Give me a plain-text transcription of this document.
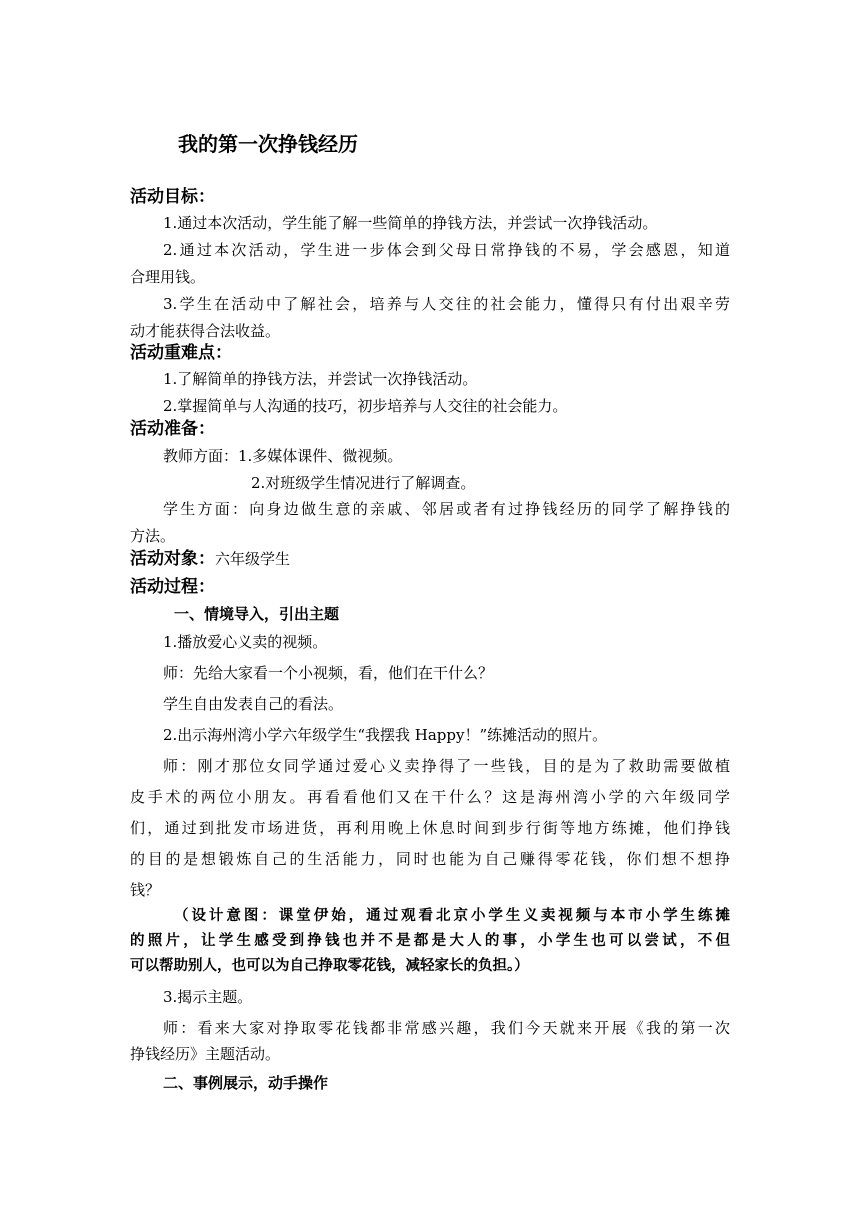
我的第一次挣钱经历
活动目标：
1.通过本次活动，学生能了解一些简单的挣钱方法，并尝试一次挣钱活动。
2.通过本次活动，学生进一步体会到父母日常挣钱的不易，学会感恩，知道
合理用钱。
3.学生在活动中了解社会，培养与人交往的社会能力，懂得只有付出艰辛劳
动才能获得合法收益。
活动重难点：
1.了解简单的挣钱方法，并尝试一次挣钱活动。
2.掌握简单与人沟通的技巧，初步培养与人交往的社会能力。
活动准备：
教师方面：1.多媒体课件、微视频。
2.对班级学生情况进行了解调查。
学生方面：向身边做生意的亲戚、邻居或者有过挣钱经历的同学了解挣钱的
方法。
活动对象：六年级学生
活动过程：
一、情境导入，引出主题
1.播放爱心义卖的视频。
师：先给大家看一个小视频，看，他们在干什么？
学生自由发表自己的看法。
2.出示海州湾小学六年级学生“我摆我 Happy！”练摊活动的照片。
师：刚才那位女同学通过爱心义卖挣得了一些钱，目的是为了救助需要做植
皮手术的两位小朋友。再看看他们又在干什么？这是海州湾小学的六年级同学
们，通过到批发市场进货，再利用晚上休息时间到步行街等地方练摊，他们挣钱
的目的是想锻炼自己的生活能力，同时也能为自己赚得零花钱，你们想不想挣
钱？
（设计意图：课堂伊始，通过观看北京小学生义卖视频与本市小学生练摊
的照片，让学生感受到挣钱也并不是都是大人的事，小学生也可以尝试，不但
可以帮助别人，也可以为自己挣取零花钱，减轻家长的负担。）
3.揭示主题。
师：看来大家对挣取零花钱都非常感兴趣，我们今天就来开展《我的第一次
挣钱经历》主题活动。
二、事例展示，动手操作
